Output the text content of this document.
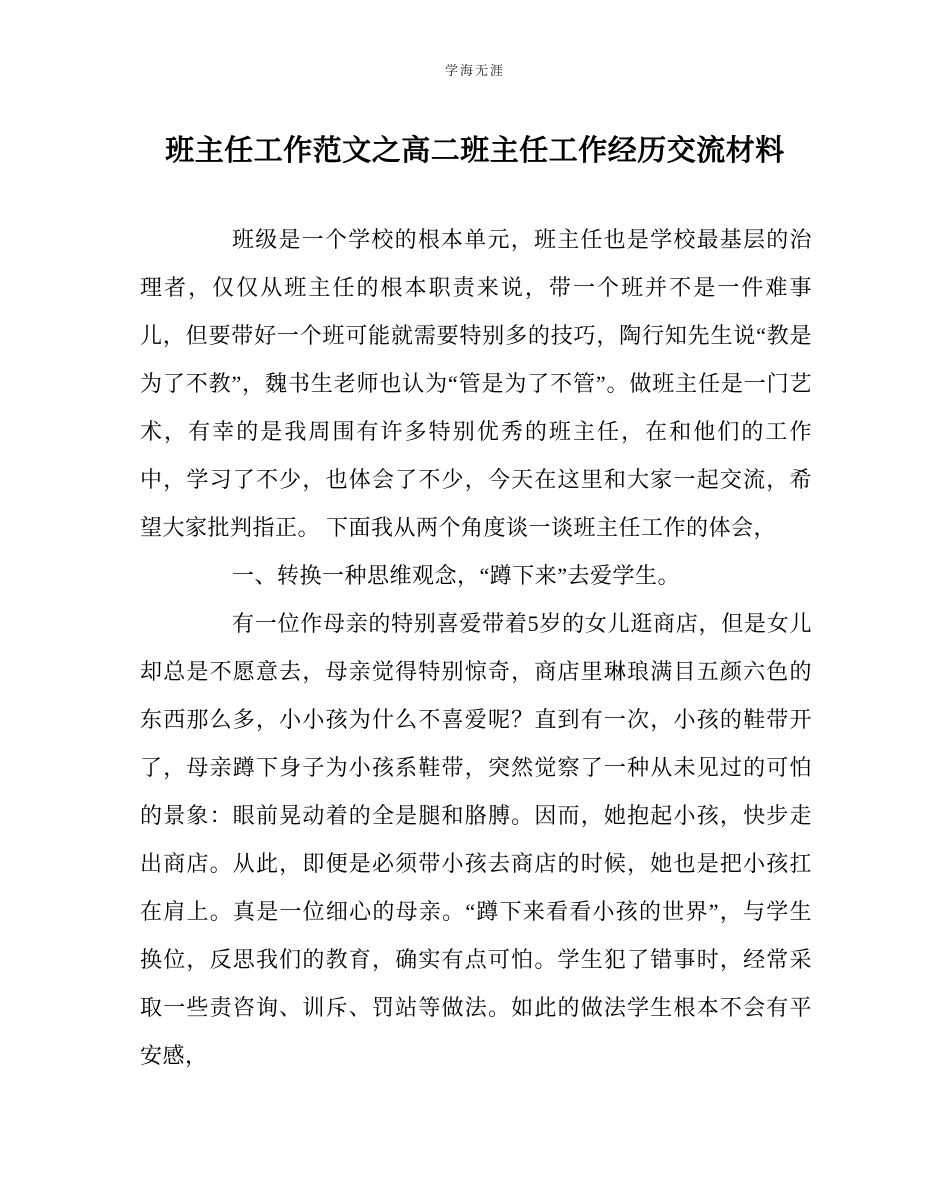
学海无涯
班主任工作范文之高二班主任工作经历交流材料

班级是一个学校的根本单元，班主任也是学校最基层的治理者，仅仅从班主任的根本职责来说，带一个班并不是一件难事儿，但要带好一个班可能就需要特别多的技巧，陶行知先生说“教是为了不教”，魏书生老师也认为“管是为了不管”。做班主任是一门艺术，有幸的是我周围有许多特别优秀的班主任，在和他们的工作中，学习了不少，也体会了不少，今天在这里和大家一起交流，希望大家批判指正。 下面我从两个角度谈一谈班主任工作的体会，

一、转换一种思维观念，“蹲下来”去爱学生。

有一位作母亲的特别喜爱带着5岁的女儿逛商店，但是女儿却总是不愿意去，母亲觉得特别惊奇，商店里琳琅满目五颜六色的东西那么多，小小孩为什么不喜爱呢？直到有一次，小孩的鞋带开了，母亲蹲下身子为小孩系鞋带，突然觉察了一种从未见过的可怕的景象：眼前晃动着的全是腿和胳膊。因而，她抱起小孩，快步走出商店。从此，即便是必须带小孩去商店的时候，她也是把小孩扛在肩上。真是一位细心的母亲。“蹲下来看看小孩的世界”，与学生换位，反思我们的教育，确实有点可怕。学生犯了错事时，经常采取一些责咨询、训斥、罚站等做法。如此的做法学生根本不会有平安感，
